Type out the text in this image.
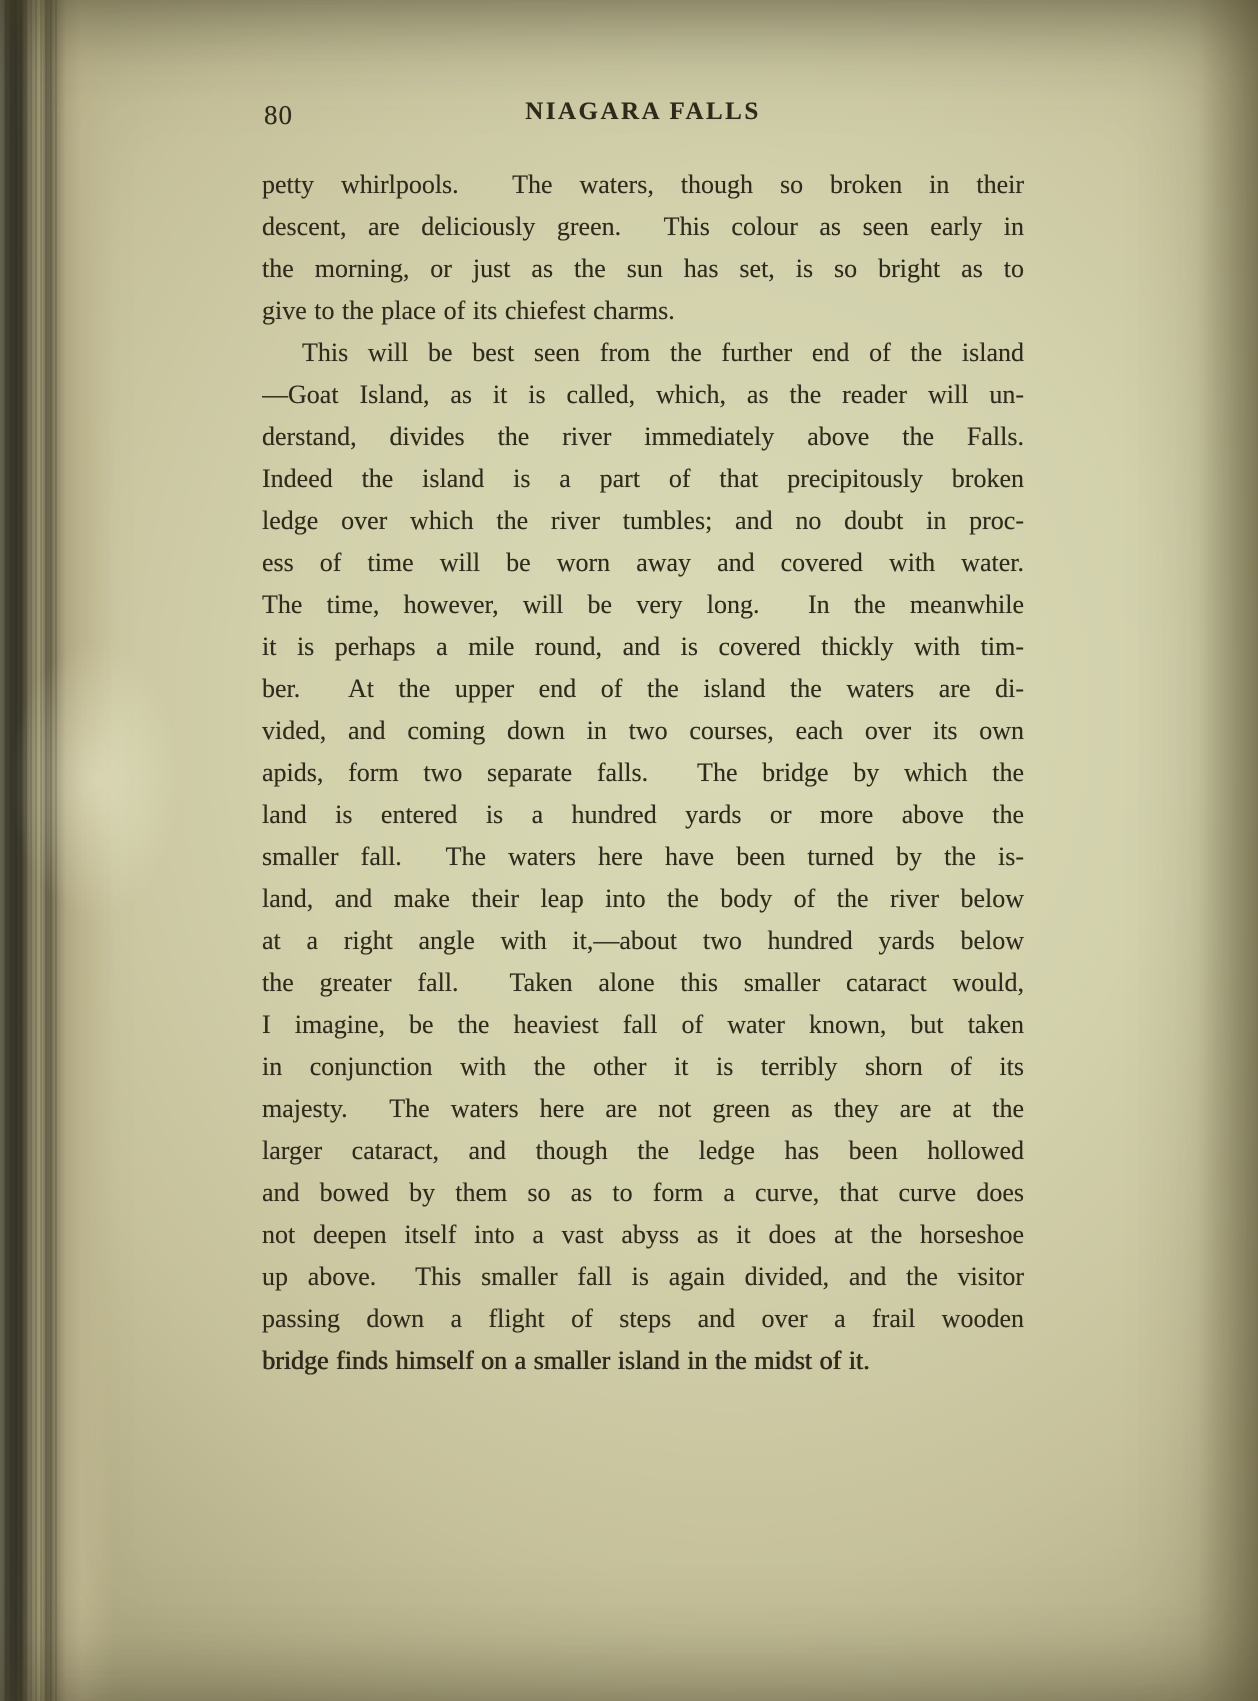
80	NIAGARA FALLS
petty whirlpools.  The waters, though so broken in their
descent, are deliciously green.  This colour as seen early in
the morning, or just as the sun has set, is so bright as to
give to the place of its chiefest charms.
This will be best seen from the further end of the island
—Goat Island, as it is called, which, as the reader will un-
derstand, divides the river immediately above the Falls.
Indeed the island is a part of that precipitously broken
ledge over which the river tumbles; and no doubt in proc-
ess of time will be worn away and covered with water.
The time, however, will be very long.  In the meanwhile
it is perhaps a mile round, and is covered thickly with tim-
ber.  At the upper end of the island the waters are di-
vided, and coming down in two courses, each over its own
apids, form two separate falls.  The bridge by which the
land is entered is a hundred yards or more above the
smaller fall.  The waters here have been turned by the is-
land, and make their leap into the body of the river below
at a right angle with it,—about two hundred yards below
the greater fall.  Taken alone this smaller cataract would,
I imagine, be the heaviest fall of water known, but taken
in conjunction with the other it is terribly shorn of its
majesty.  The waters here are not green as they are at the
larger cataract, and though the ledge has been hollowed
and bowed by them so as to form a curve, that curve does
not deepen itself into a vast abyss as it does at the horseshoe
up above.  This smaller fall is again divided, and the visitor
passing down a flight of steps and over a frail wooden
bridge finds himself on a smaller island in the midst of it.
